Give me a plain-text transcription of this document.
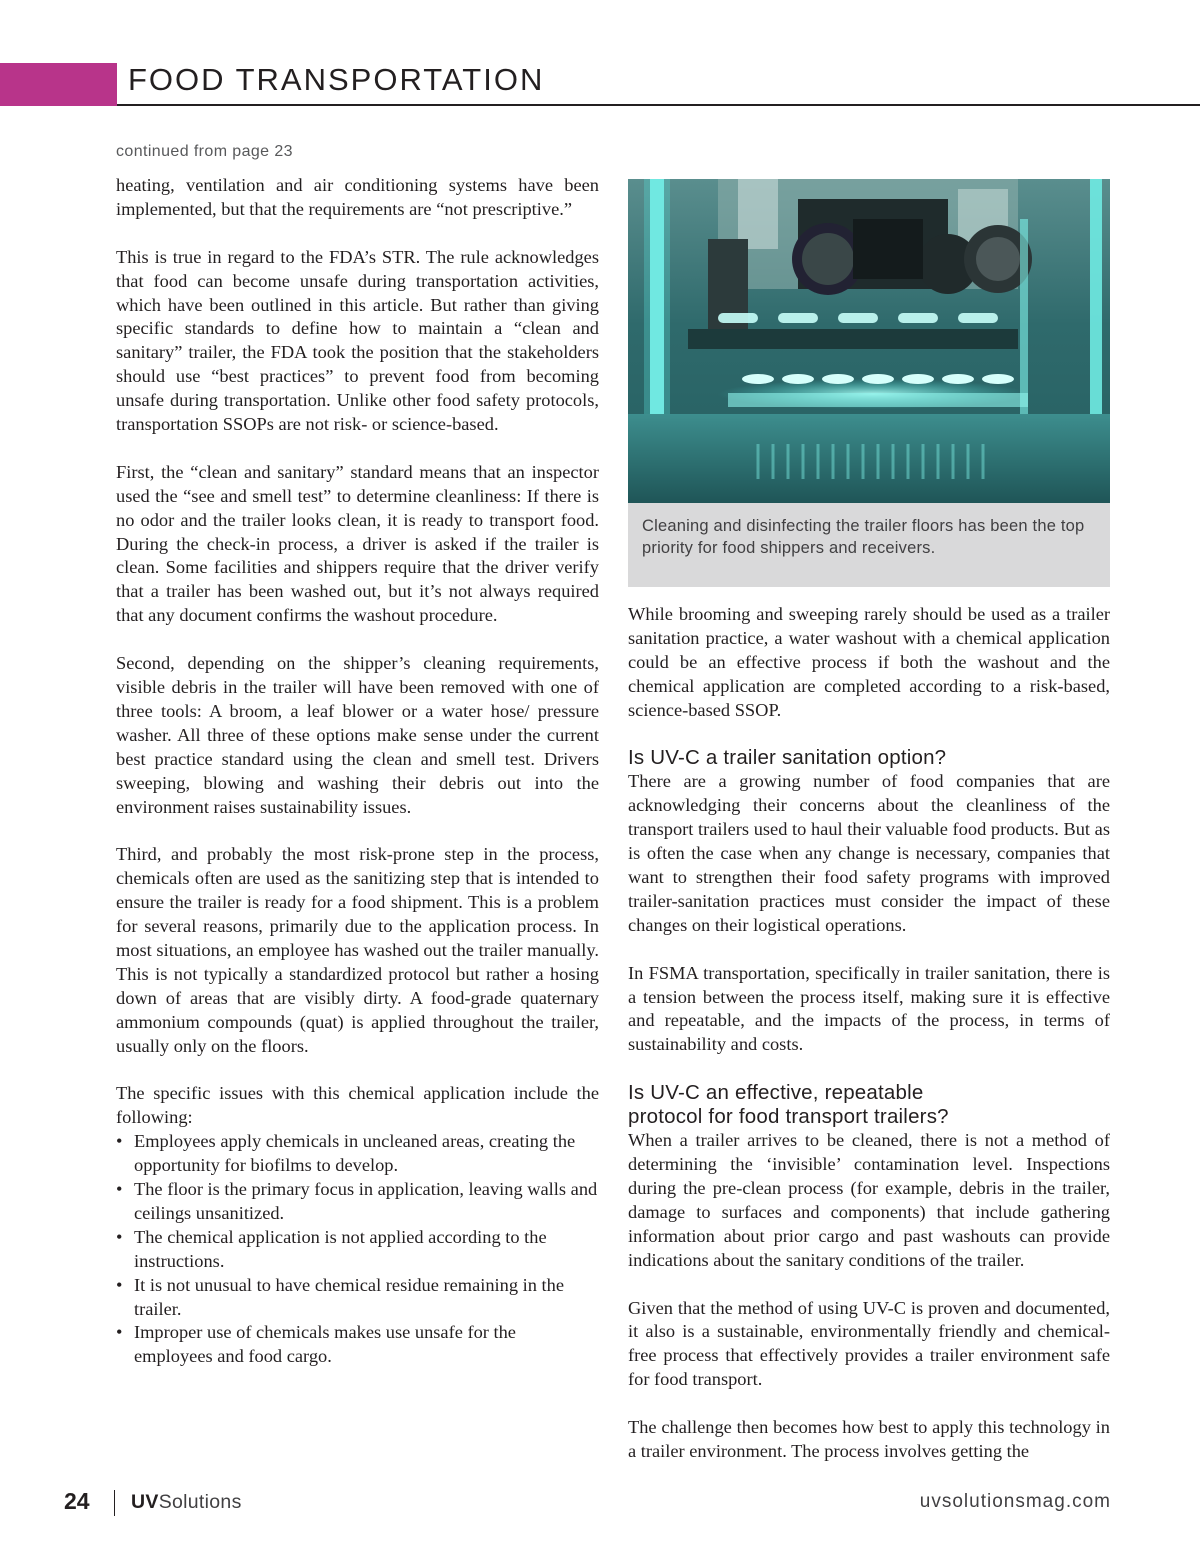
FOOD TRANSPORTATION
continued from page 23

heating, ventilation and air conditioning systems have been implemented, but that the requirements are “not prescriptive.”

This is true in regard to the FDA’s STR. The rule acknowledges that food can become unsafe during transportation activities, which have been outlined in this article. But rather than giving specific standards to define how to maintain a “clean and sanitary” trailer, the FDA took the position that the stakeholders should use “best practices” to prevent food from becoming unsafe during transportation. Unlike other food safety protocols, transportation SSOPs are not risk- or science-based.

First, the “clean and sanitary” standard means that an inspector used the “see and smell test” to determine cleanliness: If there is no odor and the trailer looks clean, it is ready to transport food. During the check-in process, a driver is asked if the trailer is clean. Some facilities and shippers require that the driver verify that a trailer has been washed out, but it’s not always required that any document confirms the washout procedure.

Second, depending on the shipper’s cleaning requirements, visible debris in the trailer will have been removed with one of three tools: A broom, a leaf blower or a water hose/ pressure washer. All three of these options make sense under the current best practice standard using the clean and smell test. Drivers sweeping, blowing and washing their debris out into the environment raises sustainability issues.

Third, and probably the most risk-prone step in the process, chemicals often are used as the sanitizing step that is intended to ensure the trailer is ready for a food shipment. This is a problem for several reasons, primarily due to the application process. In most situations, an employee has washed out the trailer manually. This is not typically a standardized protocol but rather a hosing down of areas that are visibly dirty. A food-grade quaternary ammonium compounds (quat) is applied throughout the trailer, usually only on the floors.

The specific issues with this chemical application include the following:

• Employees apply chemicals in uncleaned areas, creating the opportunity for biofilms to develop.
• The floor is the primary focus in application, leaving walls and ceilings unsanitized.
• The chemical application is not applied according to the instructions.
• It is not unusual to have chemical residue remaining in the trailer.
• Improper use of chemicals makes use unsafe for the employees and food cargo.
Cleaning and disinfecting the trailer floors has been the top priority for food shippers and receivers.

While brooming and sweeping rarely should be used as a trailer sanitation practice, a water washout with a chemical application could be an effective process if both the washout and the chemical application are completed according to a risk-based, science-based SSOP.

Is UV-C a trailer sanitation option?

There are a growing number of food companies that are acknowledging their concerns about the cleanliness of the transport trailers used to haul their valuable food products. But as is often the case when any change is necessary, companies that want to strengthen their food safety programs with improved trailer-sanitation practices must consider the impact of these changes on their logistical operations.

In FSMA transportation, specifically in trailer sanitation, there is a tension between the process itself, making sure it is effective and repeatable, and the impacts of the process, in terms of sustainability and costs.

Is UV-C an effective, repeatable
protocol for food transport trailers?

When a trailer arrives to be cleaned, there is not a method of determining the ‘invisible’ contamination level. Inspections during the pre-clean process (for example, debris in the trailer, damage to surfaces and components) that include gathering information about prior cargo and past washouts can provide indications about the sanitary conditions of the trailer.

Given that the method of using UV-C is proven and documented, it also is a sustainable, environmentally friendly and chemical-free process that effectively provides a trailer environment safe for food transport.

The challenge then becomes how best to apply this technology in a trailer environment. The process involves getting the

24 UVSolutions	uvsolutionsmag.com
